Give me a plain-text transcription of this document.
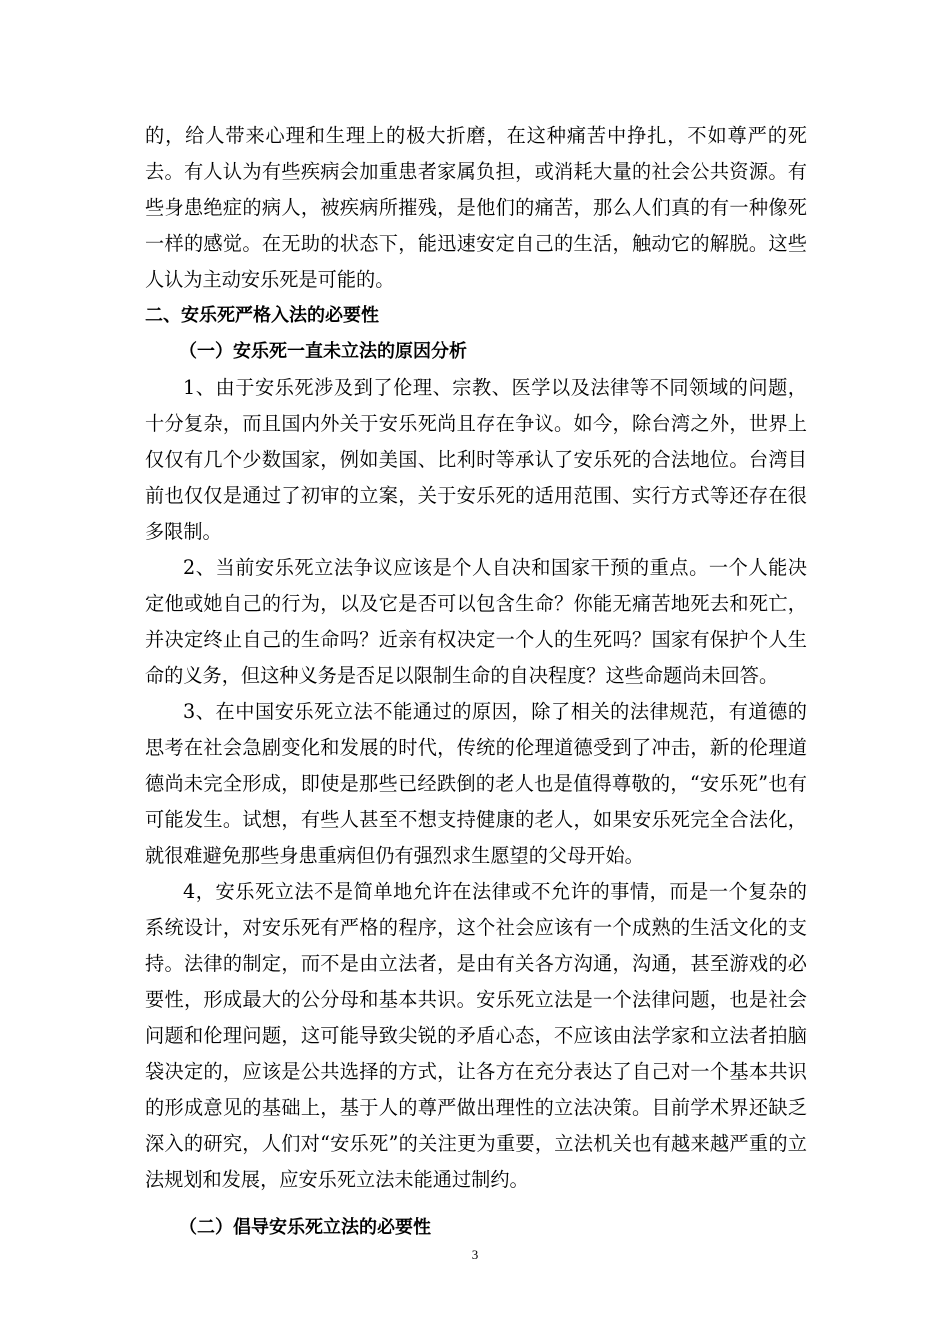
的，给人带来心理和生理上的极大折磨，在这种痛苦中挣扎，不如尊严的死去。有人认为有些疾病会加重患者家属负担，或消耗大量的社会公共资源。有些身患绝症的病人，被疾病所摧残，是他们的痛苦，那么人们真的有一种像死一样的感觉。在无助的状态下，能迅速安定自己的生活，触动它的解脱。这些人认为主动安乐死是可能的。

二、安乐死严格入法的必要性

（一）安乐死一直未立法的原因分析

1、由于安乐死涉及到了伦理、宗教、医学以及法律等不同领域的问题，十分复杂，而且国内外关于安乐死尚且存在争议。如今，除台湾之外，世界上仅仅有几个少数国家，例如美国、比利时等承认了安乐死的合法地位。台湾目前也仅仅是通过了初审的立案，关于安乐死的适用范围、实行方式等还存在很多限制。

2、当前安乐死立法争议应该是个人自决和国家干预的重点。一个人能决定他或她自己的行为，以及它是否可以包含生命？你能无痛苦地死去和死亡，并决定终止自己的生命吗？近亲有权决定一个人的生死吗？国家有保护个人生命的义务，但这种义务是否足以限制生命的自决程度？这些命题尚未回答。

3、在中国安乐死立法不能通过的原因，除了相关的法律规范，有道德的思考在社会急剧变化和发展的时代，传统的伦理道德受到了冲击，新的伦理道德尚未完全形成，即使是那些已经跌倒的老人也是值得尊敬的，“安乐死”也有可能发生。试想，有些人甚至不想支持健康的老人，如果安乐死完全合法化，就很难避免那些身患重病但仍有强烈求生愿望的父母开始。

4，安乐死立法不是简单地允许在法律或不允许的事情，而是一个复杂的系统设计，对安乐死有严格的程序，这个社会应该有一个成熟的生活文化的支持。法律的制定，而不是由立法者，是由有关各方沟通，沟通，甚至游戏的必要性，形成最大的公分母和基本共识。安乐死立法是一个法律问题，也是社会问题和伦理问题，这可能导致尖锐的矛盾心态，不应该由法学家和立法者拍脑袋决定的，应该是公共选择的方式，让各方在充分表达了自己对一个基本共识的形成意见的基础上，基于人的尊严做出理性的立法决策。目前学术界还缺乏深入的研究，人们对“安乐死”的关注更为重要，立法机关也有越来越严重的立法规划和发展，应安乐死立法未能通过制约。

（二）倡导安乐死立法的必要性

3
